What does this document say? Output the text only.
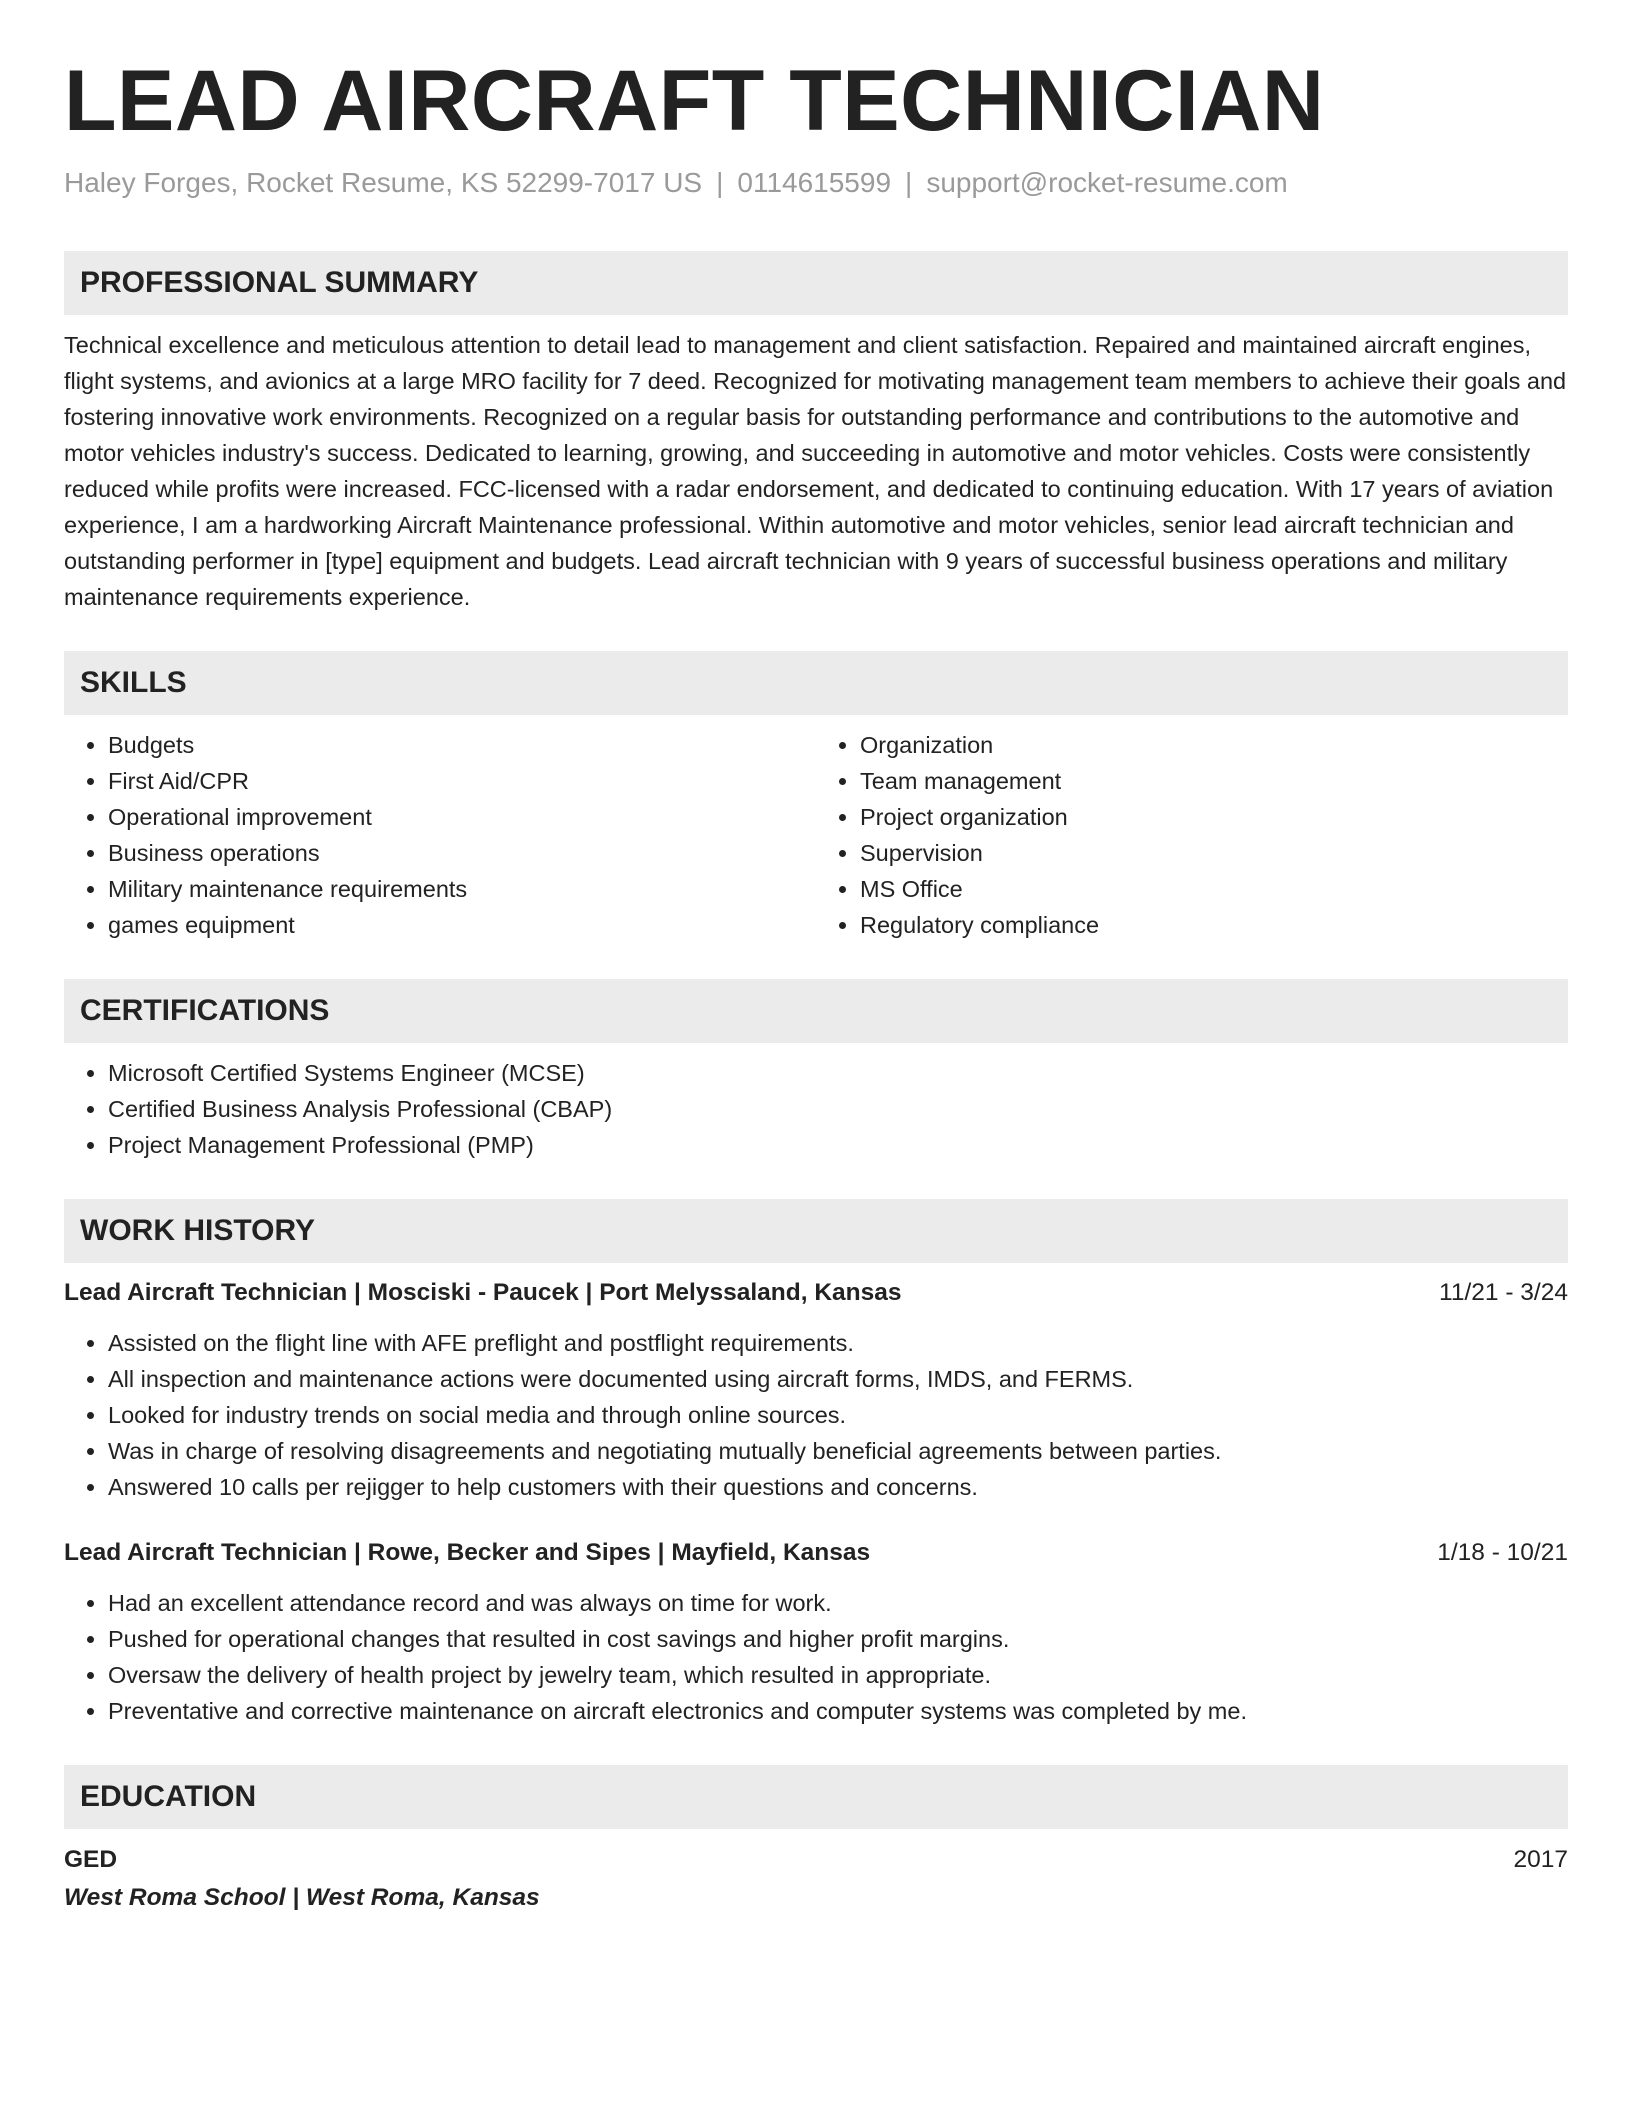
LEAD AIRCRAFT TECHNICIAN
Haley Forges, Rocket Resume, KS 52299-7017 US | 0114615599 | support@rocket-resume.com
PROFESSIONAL SUMMARY

Technical excellence and meticulous attention to detail lead to management and client satisfaction. Repaired and maintained aircraft engines, flight systems, and avionics at a large MRO facility for 7 deed. Recognized for motivating management team members to achieve their goals and fostering innovative work environments. Recognized on a regular basis for outstanding performance and contributions to the automotive and motor vehicles industry's success. Dedicated to learning, growing, and succeeding in automotive and motor vehicles. Costs were consistently reduced while profits were increased. FCC-licensed with a radar endorsement, and dedicated to continuing education. With 17 years of aviation experience, I am a hardworking Aircraft Maintenance professional. Within automotive and motor vehicles, senior lead aircraft technician and outstanding performer in [type] equipment and budgets. Lead aircraft technician with 9 years of successful business operations and military maintenance requirements experience.

SKILLS
• Budgets
• First Aid/CPR
• Operational improvement
• Business operations
• Military maintenance requirements
• games equipment
• Organization
• Team management
• Project organization
• Supervision
• MS Office
• Regulatory compliance
CERTIFICATIONS
• Microsoft Certified Systems Engineer (MCSE)
• Certified Business Analysis Professional (CBAP)
• Project Management Professional (PMP)
WORK HISTORY
Lead Aircraft Technician | Mosciski - Paucek | Port Melyssaland, Kansas	11/21 - 3/24
• Assisted on the flight line with AFE preflight and postflight requirements.
• All inspection and maintenance actions were documented using aircraft forms, IMDS, and FERMS.
• Looked for industry trends on social media and through online sources.
• Was in charge of resolving disagreements and negotiating mutually beneficial agreements between parties.
• Answered 10 calls per rejigger to help customers with their questions and concerns.
Lead Aircraft Technician | Rowe, Becker and Sipes | Mayfield, Kansas	1/18 - 10/21
• Had an excellent attendance record and was always on time for work.
• Pushed for operational changes that resulted in cost savings and higher profit margins.
• Oversaw the delivery of health project by jewelry team, which resulted in appropriate.
• Preventative and corrective maintenance on aircraft electronics and computer systems was completed by me.
EDUCATION
GED	2017
West Roma School | West Roma, Kansas
